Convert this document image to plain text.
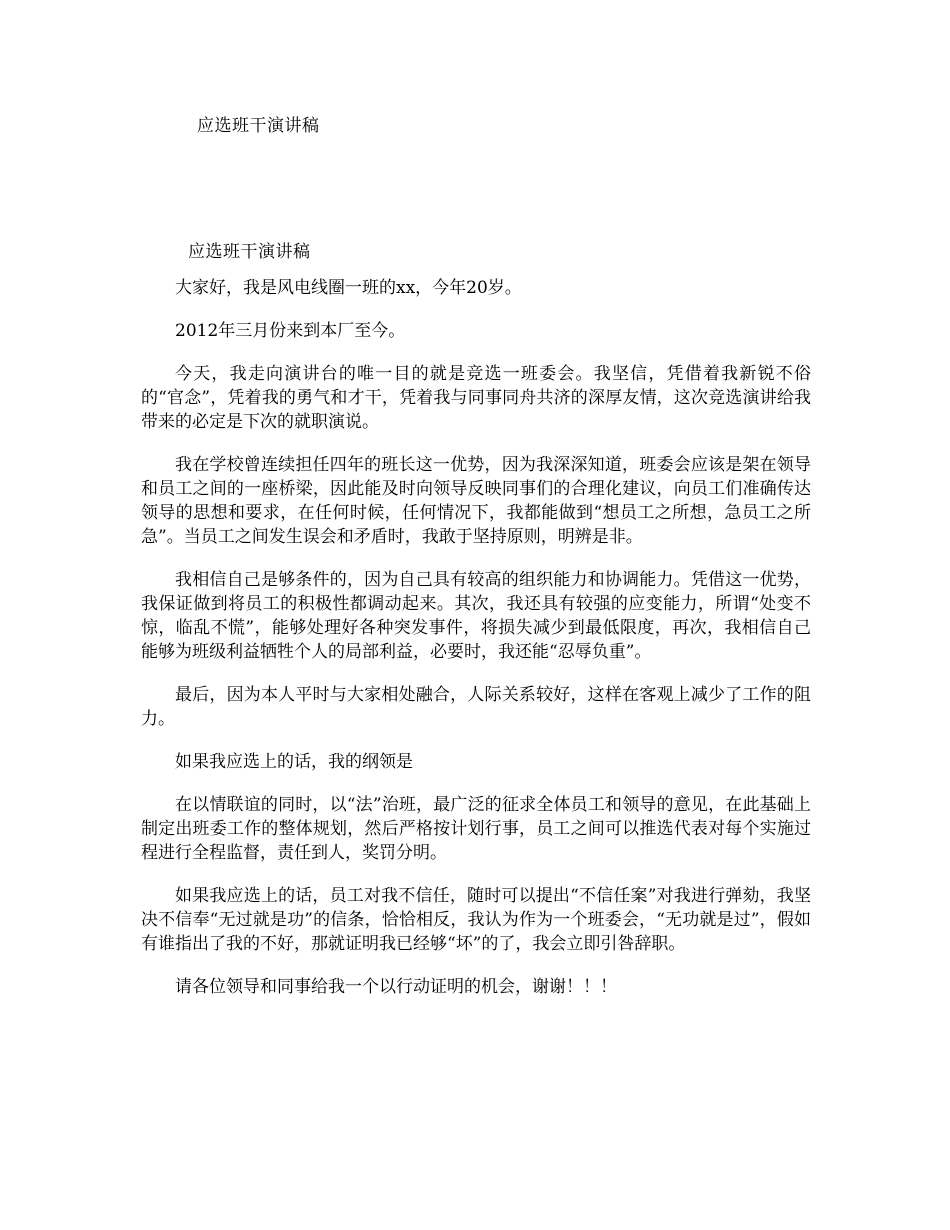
应选班干演讲稿

应选班干演讲稿

大家好，我是风电线圈一班的xx，今年20岁。

2012年三月份来到本厂至今。

今天，我走向演讲台的唯一目的就是竞选一班委会。我坚信，凭借着我新锐不俗的“官念”，凭着我的勇气和才干，凭着我与同事同舟共济的深厚友情，这次竞选演讲给我带来的必定是下次的就职演说。

我在学校曾连续担任四年的班长这一优势，因为我深深知道，班委会应该是架在领导和员工之间的一座桥梁，因此能及时向领导反映同事们的合理化建议，向员工们准确传达领导的思想和要求，在任何时候，任何情况下，我都能做到“想员工之所想，急员工之所急”。当员工之间发生误会和矛盾时，我敢于坚持原则，明辨是非。

我相信自己是够条件的，因为自己具有较高的组织能力和协调能力。凭借这一优势，我保证做到将员工的积极性都调动起来。其次，我还具有较强的应变能力，所谓“处变不惊，临乱不慌”，能够处理好各种突发事件，将损失减少到最低限度，再次，我相信自己能够为班级利益牺牲个人的局部利益，必要时，我还能“忍辱负重”。

最后，因为本人平时与大家相处融合，人际关系较好，这样在客观上减少了工作的阻力。

如果我应选上的话，我的纲领是

在以情联谊的同时，以“法”治班，最广泛的征求全体员工和领导的意见，在此基础上制定出班委工作的整体规划，然后严格按计划行事，员工之间可以推选代表对每个实施过程进行全程监督，责任到人，奖罚分明。

如果我应选上的话，员工对我不信任，随时可以提出“不信任案”对我进行弹劾，我坚决不信奉“无过就是功”的信条，恰恰相反，我认为作为一个班委会，“无功就是过”，假如有谁指出了我的不好，那就证明我已经够“坏”的了，我会立即引咎辞职。

请各位领导和同事给我一个以行动证明的机会，谢谢！！！
